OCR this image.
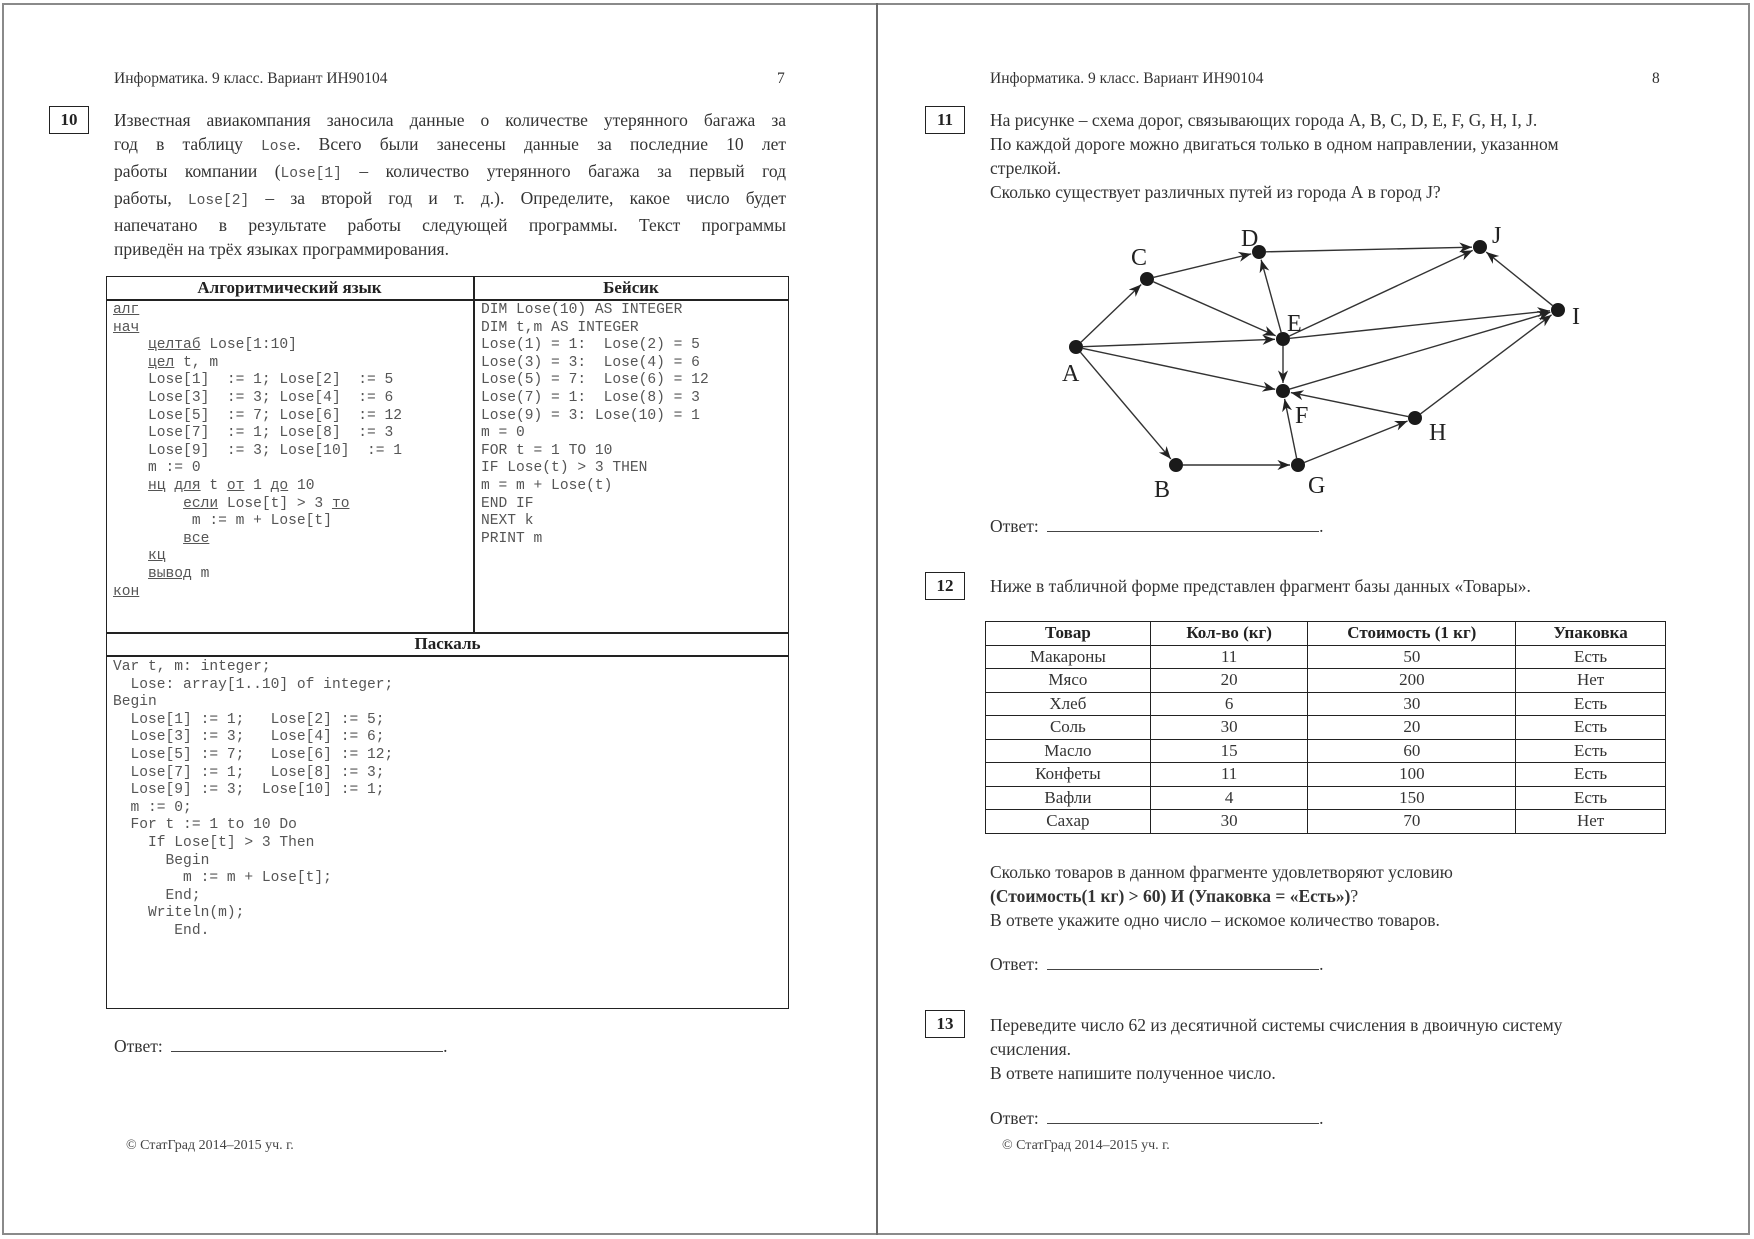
Информатика. 9 класс. Вариант ИН90104	7
10	Известная авиакомпания заносила данные о количестве утерянного багажа за
год в таблицу Lose. Всего были занесены данные за последние 10 лет
работы компании (Lose[1] – количество утерянного багажа за первый год
работы, Lose[2] – за второй год и т. д.). Определите, какое число будет
напечатано в результате работы следующей программы. Текст программы
приведён на трёх языках программирования.
Алгоритмический язык	Бейсик
Паскаль
алг
нач
целтаб Lose[1:10]
цел t, m
Lose[1]  := 1; Lose[2]  := 5
Lose[3]  := 3; Lose[4]  := 6
Lose[5]  := 7; Lose[6]  := 12
Lose[7]  := 1; Lose[8]  := 3
Lose[9]  := 3; Lose[10]  := 1
m := 0
нц для t от 1 до 10
если Lose[t] > 3 то
m := m + Lose[t]
все
кц
вывод m
кон
DIM Lose(10) AS INTEGER
DIM t,m AS INTEGER
Lose(1) = 1:  Lose(2) = 5
Lose(3) = 3:  Lose(4) = 6
Lose(5) = 7:  Lose(6) = 12
Lose(7) = 1:  Lose(8) = 3
Lose(9) = 3: Lose(10) = 1
m = 0
FOR t = 1 TO 10
IF Lose(t) > 3 THEN
m = m + Lose(t)
END IF
NEXT k
PRINT m
Var t, m: integer;
Lose: array[1..10] of integer;
Begin
Lose[1] := 1;   Lose[2] := 5;
Lose[3] := 3;   Lose[4] := 6;
Lose[5] := 7;   Lose[6] := 12;
Lose[7] := 1;   Lose[8] := 3;
Lose[9] := 3;  Lose[10] := 1;
m := 0;
For t := 1 to 10 Do
If Lose[t] > 3 Then
Begin
m := m + Lose[t];
End;
Writeln(m);
End.
Ответ:	.
© СтатГрад 2014–2015 уч. г.
Информатика. 9 класс. Вариант ИН90104	8
11	На рисунке – схема дорог, связывающих города A, B, C, D, E, F, G, H, I, J.
По каждой дороге можно двигаться только в одном направлении, указанном
стрелкой.
Сколько существует различных путей из города А в город J?
A
B
C
D
E
F
G
H
I
J
Ответ:	.
12	Ниже в табличной форме представлен фрагмент базы данных «Товары».
Товар	Кол-во (кг)	Стоимость (1 кг)	Упаковка
Макароны	11	50	Есть
Мясо	20	200	Нет
Хлеб	6	30	Есть
Соль	30	20	Есть
Масло	15	60	Есть
Конфеты	11	100	Есть
Вафли	4	150	Есть
Сахар	30	70	Нет
Сколько товаров в данном фрагменте удовлетворяют условию
(Стоимость(1 кг) > 60) И (Упаковка = «Есть»)?
В ответе укажите одно число – искомое количество товаров.
Ответ:	.
13	Переведите число 62 из десятичной системы счисления в двоичную систему
счисления.
В ответе напишите полученное число.
Ответ:	.
© СтатГрад 2014–2015 уч. г.
